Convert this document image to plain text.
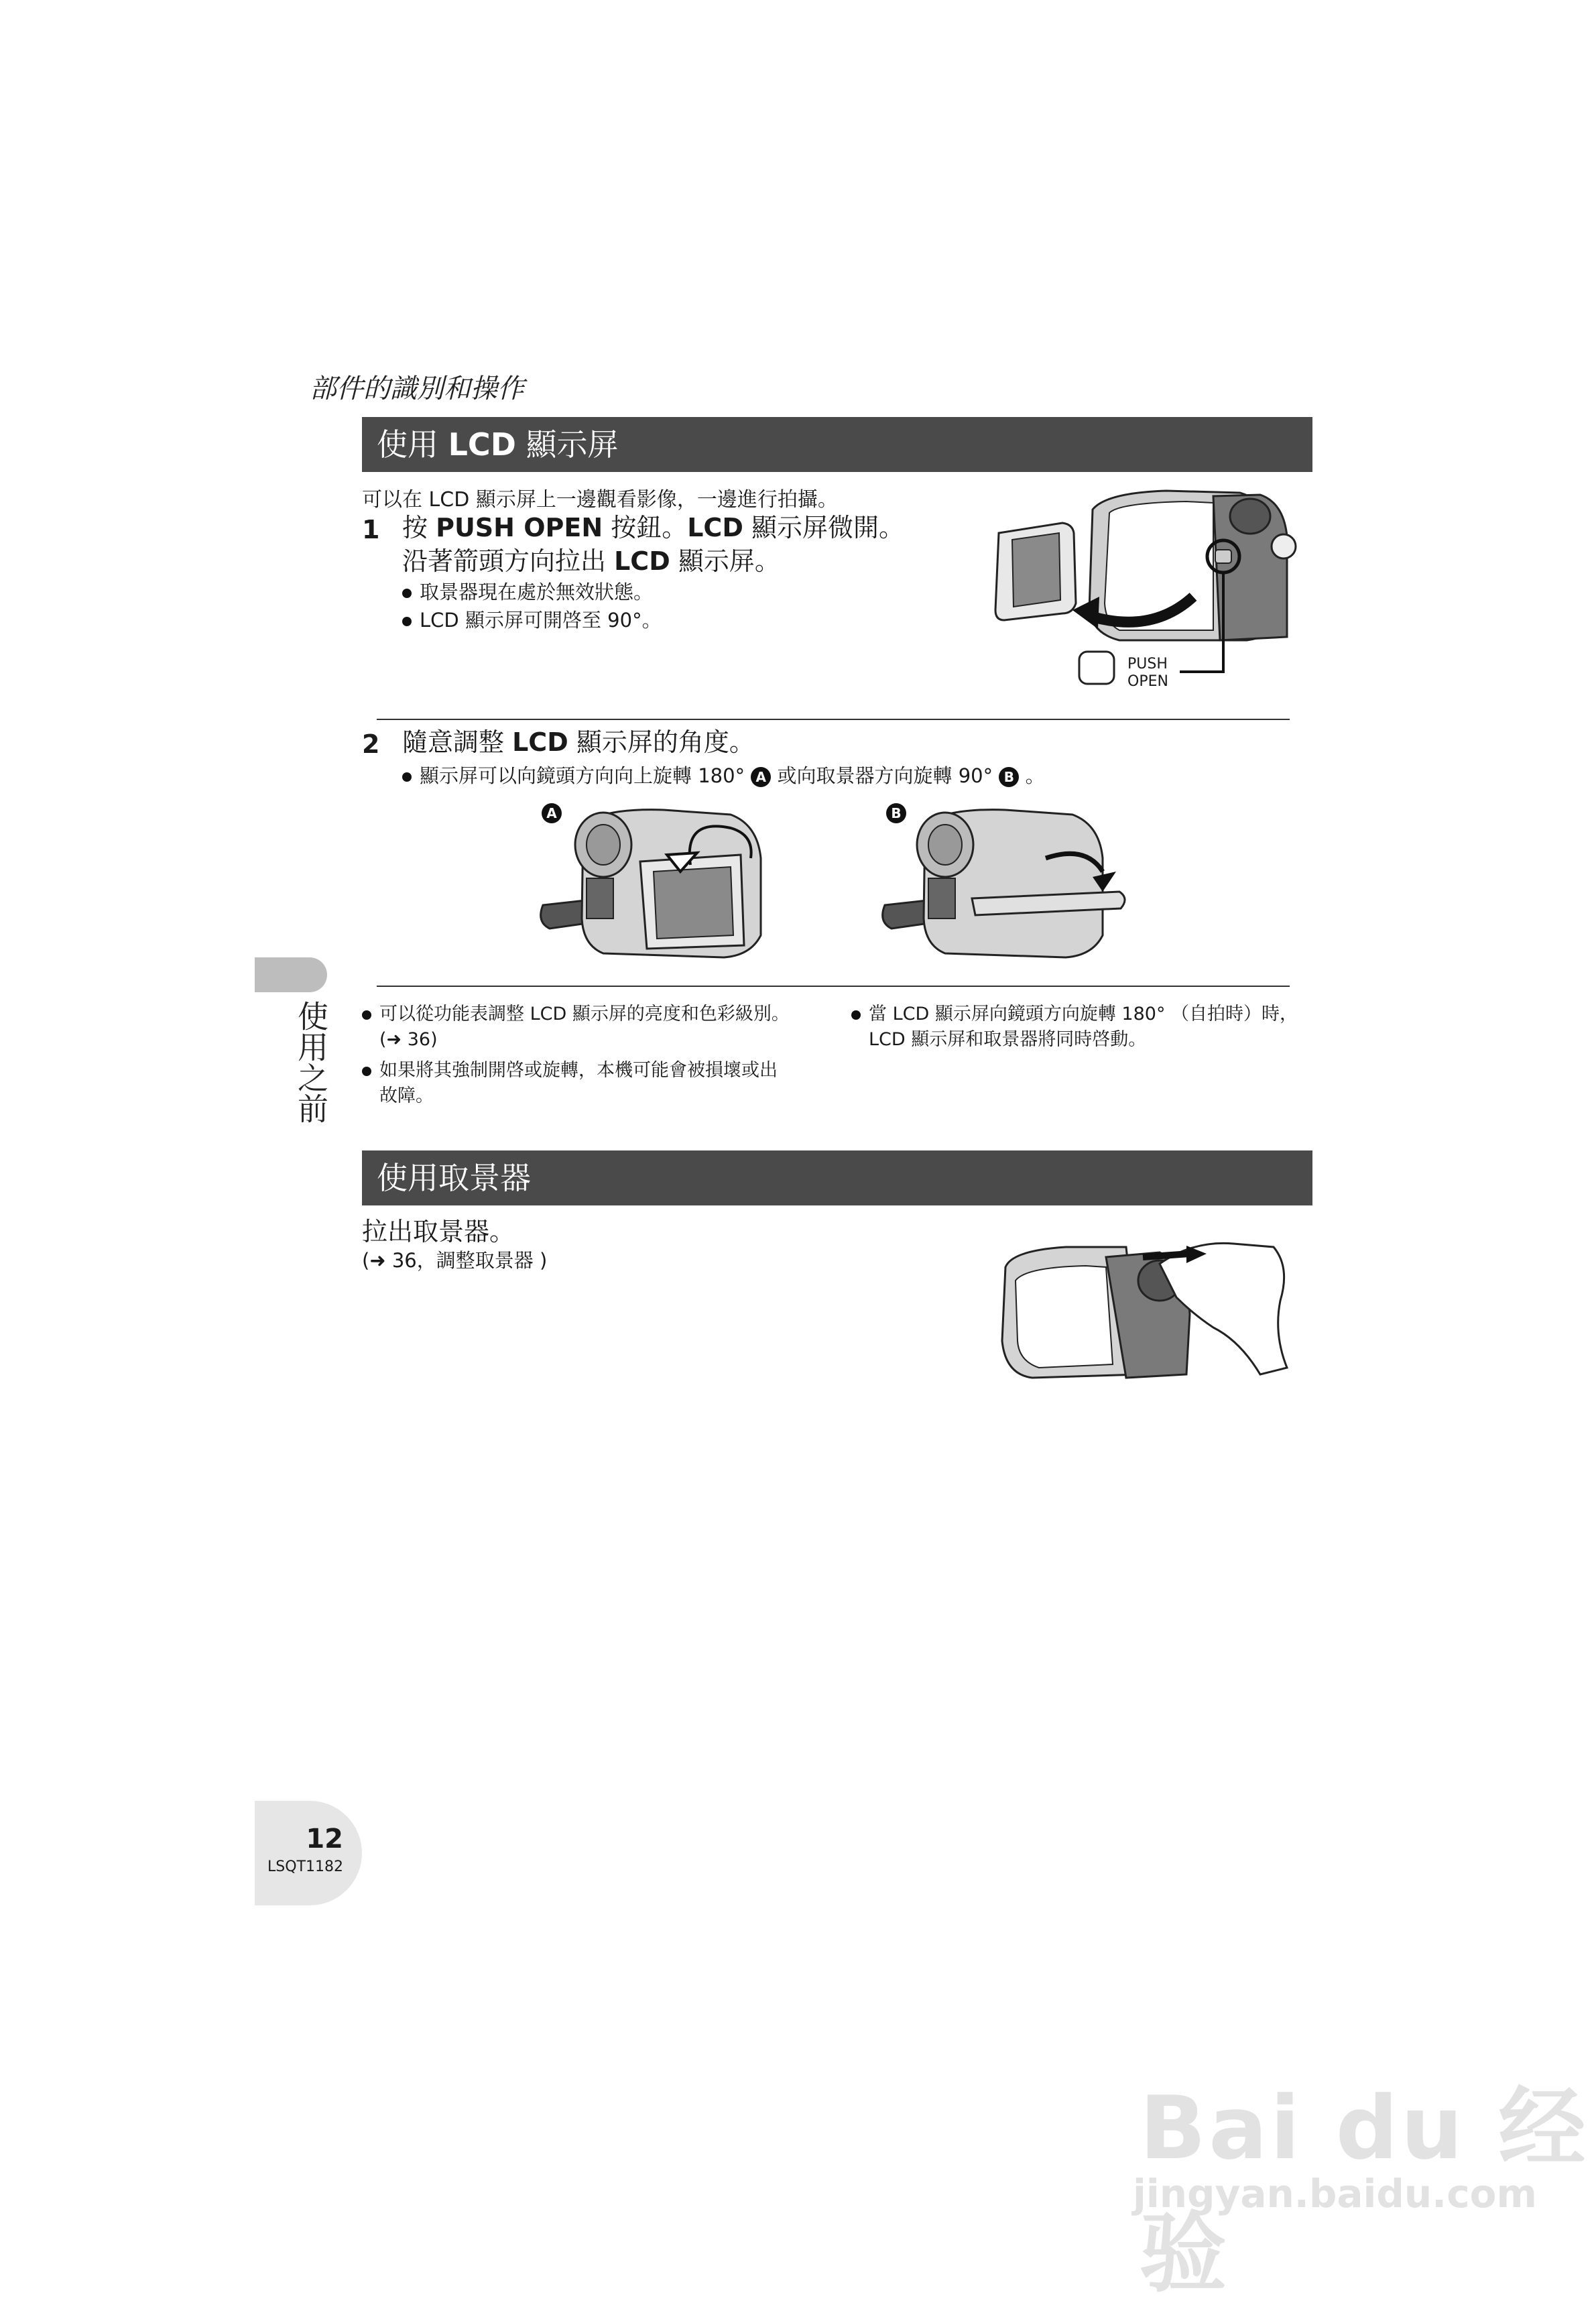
部件的識別和操作
使用 LCD 顯示屏
可以在 LCD 顯示屏上一邊觀看影像，一邊進行拍攝。
1 按 PUSH OPEN 按鈕。LCD 顯示屏微開。
沿著箭頭方向拉出 LCD 顯示屏。
取景器現在處於無效狀態。
LCD 顯示屏可開啓至 90°。
PUSH
OPEN
2 隨意調整 LCD 顯示屏的角度。
顯示屏可以向鏡頭方向向上旋轉 180° A 或向取景器方向旋轉 90° B 。
A	B
可以從功能表調整 LCD 顯示屏的亮度和色彩級別。
(➜ 36)
如果將其強制開啓或旋轉，本機可能會被損壞或出
故障。
當 LCD 顯示屏向鏡頭方向旋轉 180° （自拍時）時，
LCD 顯示屏和取景器將同時啓動。
使用取景器
拉出取景器。
(➜ 36，調整取景器 )
使用之前
12
LSQT1182
Bai du 经验
jingyan.baidu.com
